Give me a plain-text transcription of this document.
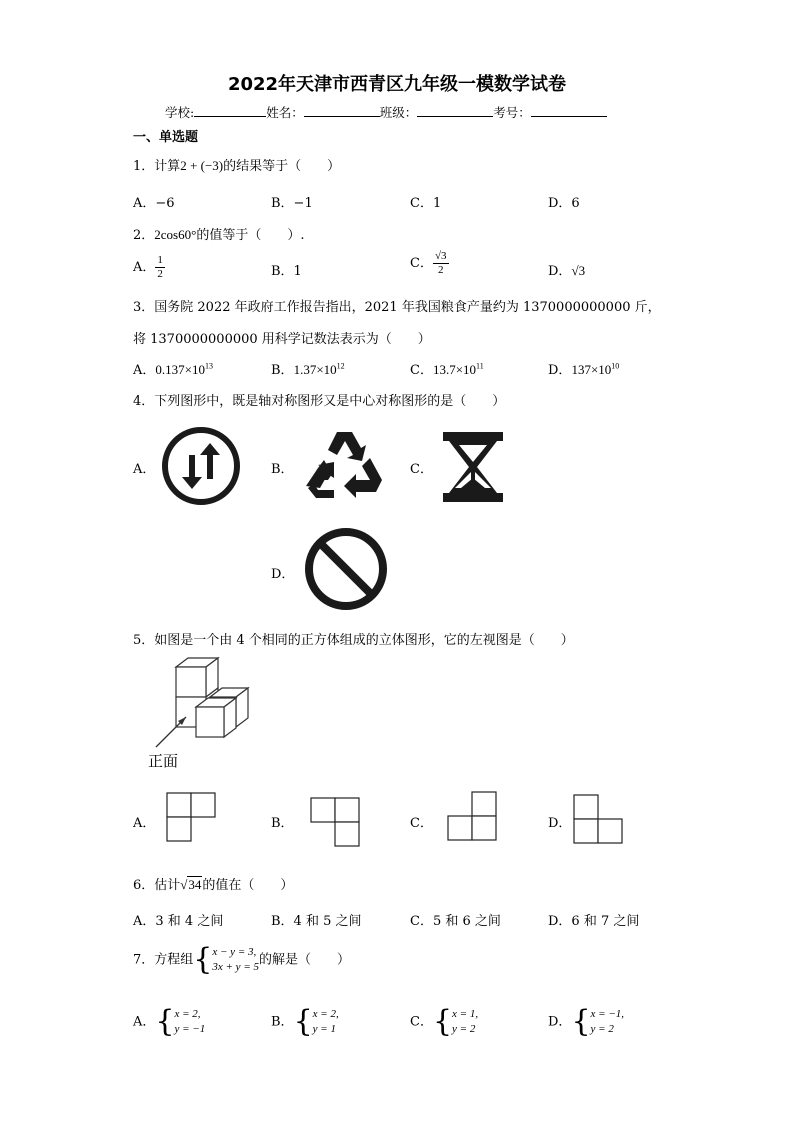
2022年天津市西青区九年级一模数学试卷
学校:	姓名：	班级：	考号：
一、单选题
1．计算2 + (−3)的结果等于（　　）
A．−6	B．−1	C．1	D．6
2．2cos60°的值等于（　　）.
A． $\frac{1}{2}$	B．1
C． $\frac{√3}{2}$	D．√3
3．国务院 2022 年政府工作报告指出，2021 年我国粮食产量约为 1370000000000 斤，
将 1370000000000 用科学记数法表示为（　　）
A．$0.137\times 10^{13}$	B．$1.37\times 10^{12}$	C．$13.7\times 10^{11}$	D．$137\times 10^{10}$
4．下列图形中，既是轴对称图形又是中心对称图形的是（　　）
A．	B．	C．
D．
5．如图是一个由 4 个相同的正方体组成的立体图形，它的左视图是（　　）
正面
A．	B．	C．	D．
6．估计√34的值在（　　）
A．3 和 4 之间	B．4 和 5 之间	C．5 和 6 之间	D．6 和 7 之间
7．方程组{ x − y = 3,
3x + y = 5 的解是（　　）
A．{ x = 2,
y = −1	B．{ x = 2,
y = 1	C．{ x = 1,
y = 2	D．{ x = −1,
y = 2
